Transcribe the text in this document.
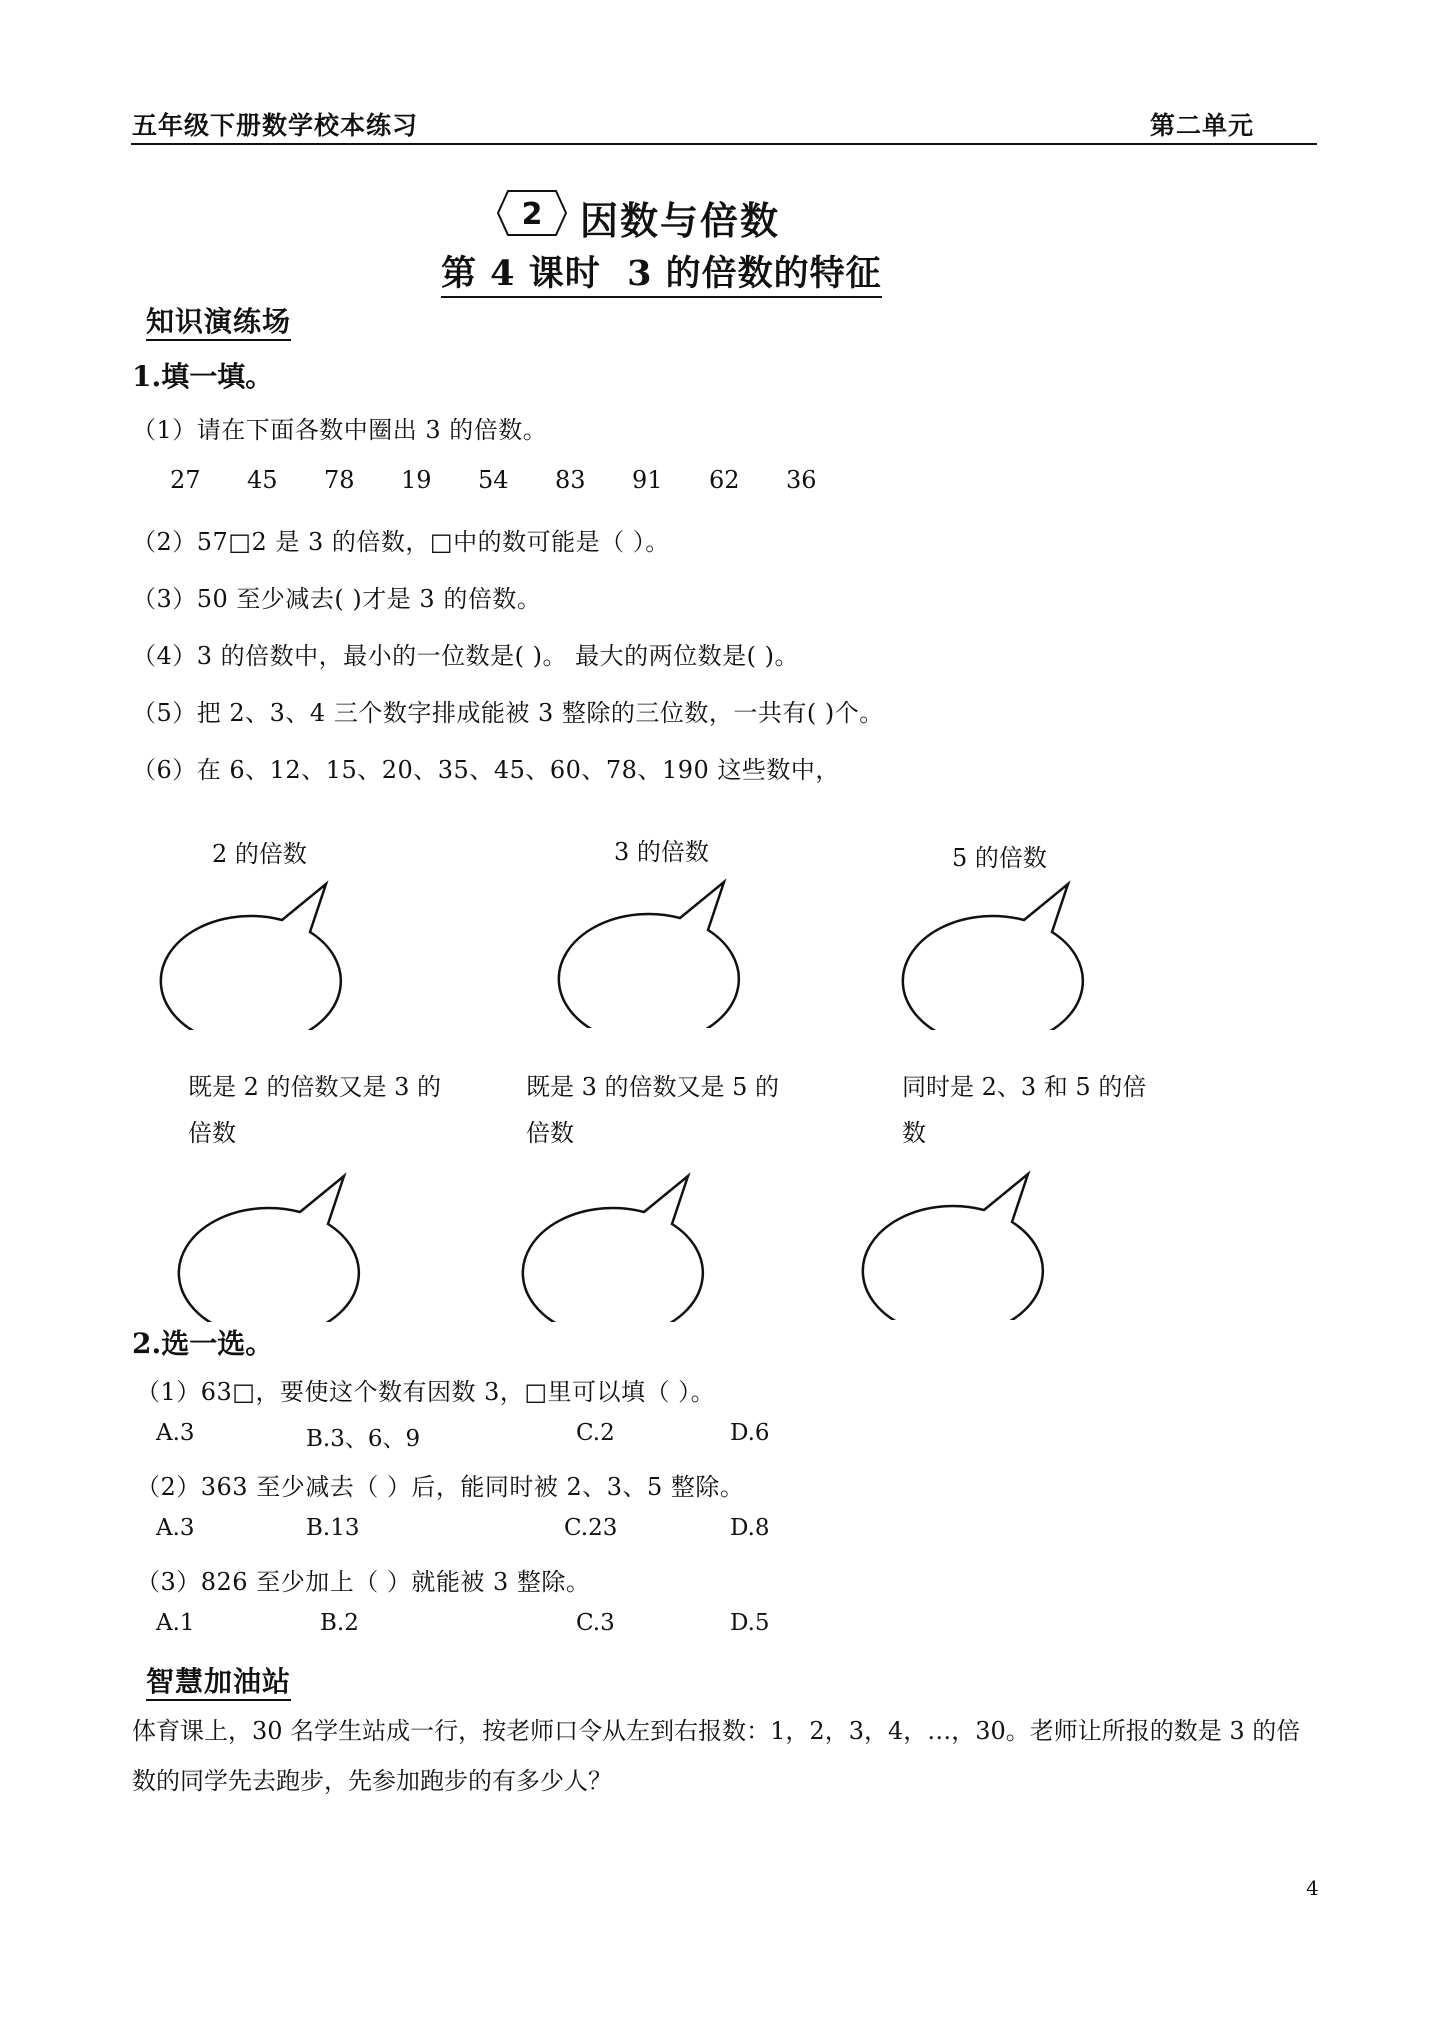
五年级下册数学校本练习	第二单元
2 因数与倍数
第 4 课时 3 的倍数的特征
知识演练场
1.填一填。
（1）请在下面各数中圈出 3 的倍数。
27 45 78 19 54 83 91 62 36
（2）57□2 是 3 的倍数，□中的数可能是（ ）。
（3）50 至少减去( )才是 3 的倍数。
（4）3 的倍数中，最小的一位数是( )。 最大的两位数是( )。
（5）把 2、3、4 三个数字排成能被 3 整除的三位数，一共有( )个。
（6）在 6、12、15、20、35、45、60、78、190 这些数中，
2 的倍数	3 的倍数	5 的倍数
既是 2 的倍数又是 3 的
倍数
既是 3 的倍数又是 5 的
倍数
同时是 2、3 和 5 的倍
数
2.选一选。
（1）63□，要使这个数有因数 3，□里可以填（ ）。
A.3	B.3、6、9	C.2	D.6
（2）363 至少减去（ ）后，能同时被 2、3、5 整除。
A.3	B.13	C.23	D.8
（3）826 至少加上（ ）就能被 3 整除。
A.1	B.2	C.3	D.5
智慧加油站
体育课上，30 名学生站成一行，按老师口令从左到右报数：1，2，3，4，…，30。老师让所报的数是 3 的倍数的同学先去跑步，先参加跑步的有多少人？
4
